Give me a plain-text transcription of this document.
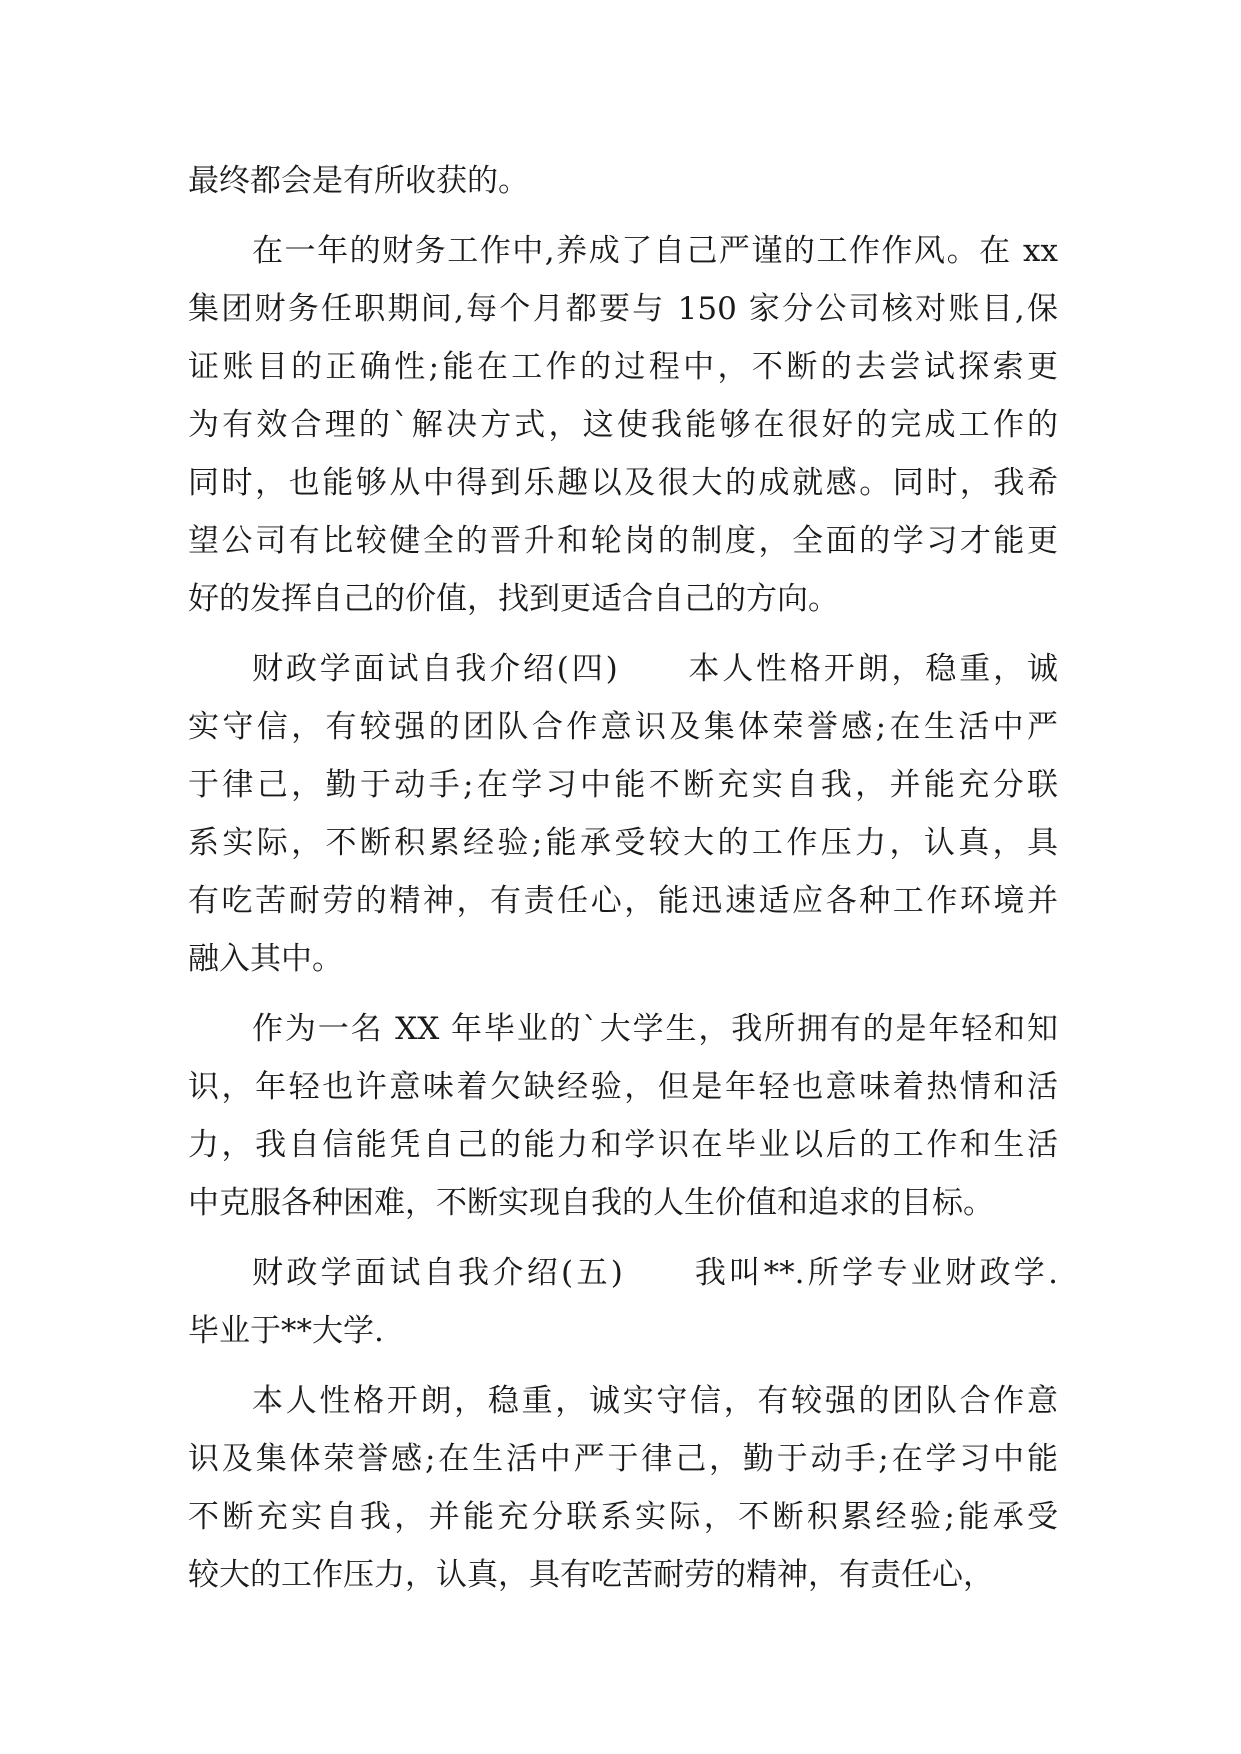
最终都会是有所收获的。
在一年的财务工作中,养成了自己严谨的工作作风。在 xx
集团财务任职期间,每个月都要与 150 家分公司核对账目,保
证账目的正确性;能在工作的过程中，不断的去尝试探索更
为有效合理的`解决方式，这使我能够在很好的完成工作的
同时，也能够从中得到乐趣以及很大的成就感。同时，我希
望公司有比较健全的晋升和轮岗的制度，全面的学习才能更
好的发挥自己的价值，找到更适合自己的方向。
财政学面试自我介绍(四)　　本人性格开朗，稳重，诚
实守信，有较强的团队合作意识及集体荣誉感;在生活中严
于律己，勤于动手;在学习中能不断充实自我，并能充分联
系实际，不断积累经验;能承受较大的工作压力，认真，具
有吃苦耐劳的精神，有责任心，能迅速适应各种工作环境并
融入其中。
作为一名 XX 年毕业的`大学生，我所拥有的是年轻和知
识，年轻也许意味着欠缺经验，但是年轻也意味着热情和活
力，我自信能凭自己的能力和学识在毕业以后的工作和生活
中克服各种困难，不断实现自我的人生价值和追求的目标。
财政学面试自我介绍(五)　　我叫**.所学专业财政学.
毕业于**大学.
本人性格开朗，稳重，诚实守信，有较强的团队合作意
识及集体荣誉感;在生活中严于律己，勤于动手;在学习中能
不断充实自我，并能充分联系实际，不断积累经验;能承受
较大的工作压力，认真，具有吃苦耐劳的精神，有责任心，
